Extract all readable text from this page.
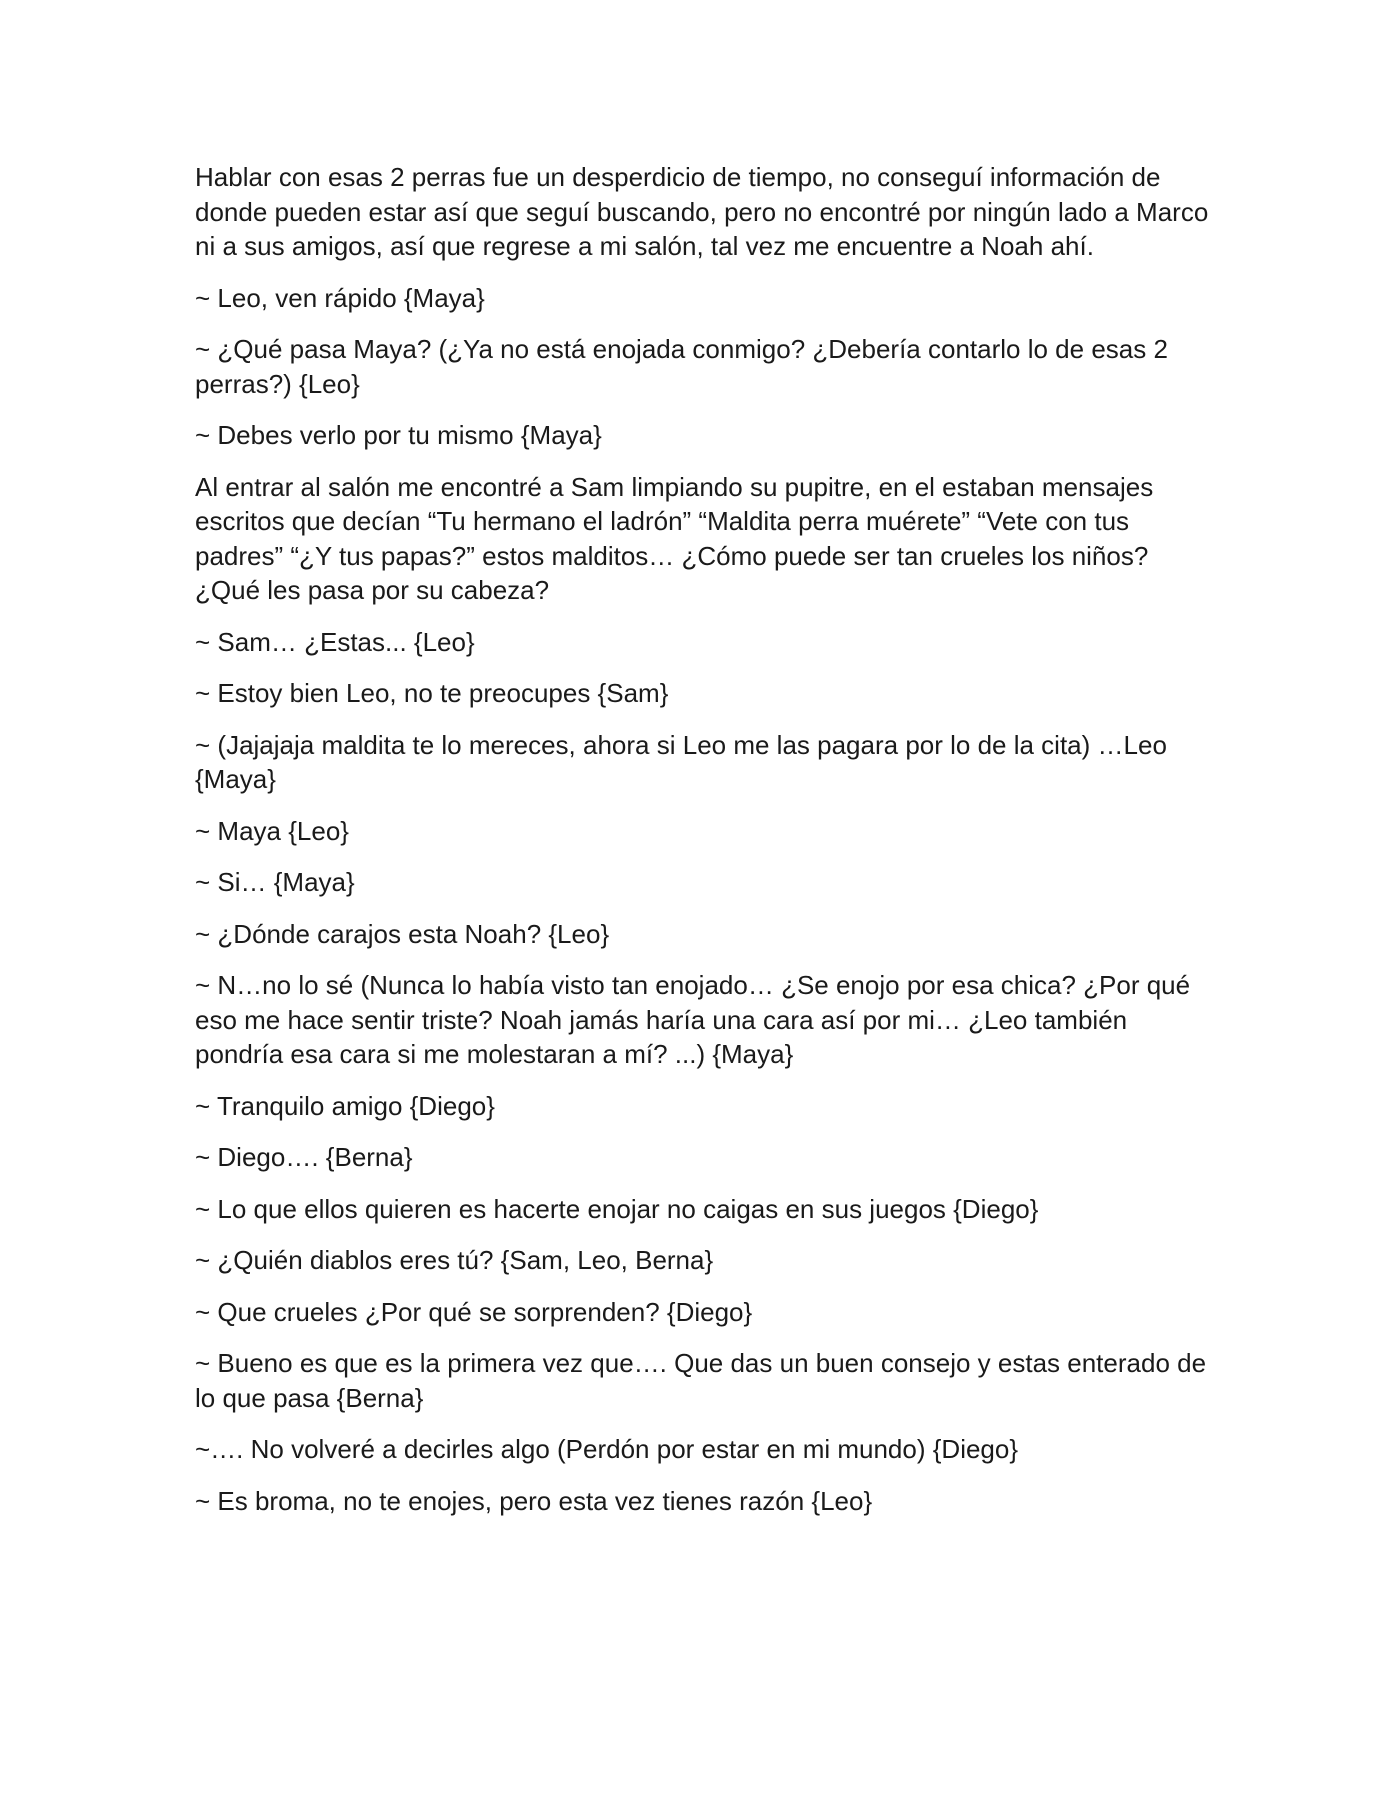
Hablar con esas 2 perras fue un desperdicio de tiempo, no conseguí información de donde pueden estar así que seguí buscando, pero no encontré por ningún lado a Marco ni a sus amigos, así que regrese a mi salón, tal vez me encuentre a Noah ahí.

~ Leo, ven rápido {Maya}

~ ¿Qué pasa Maya? (¿Ya no está enojada conmigo? ¿Debería contarlo lo de esas 2 perras?) {Leo}

~ Debes verlo por tu mismo {Maya}

Al entrar al salón me encontré a Sam limpiando su pupitre, en el estaban mensajes escritos que decían “Tu hermano el ladrón” “Maldita perra muérete” “Vete con tus padres” “¿Y tus papas?” estos malditos… ¿Cómo puede ser tan crueles los niños? ¿Qué les pasa por su cabeza?

~ Sam… ¿Estas... {Leo}

~ Estoy bien Leo, no te preocupes {Sam}

~ (Jajajaja maldita te lo mereces, ahora si Leo me las pagara por lo de la cita) …Leo {Maya}

~ Maya {Leo}

~ Si… {Maya}

~ ¿Dónde carajos esta Noah? {Leo}

~ N…no lo sé (Nunca lo había visto tan enojado… ¿Se enojo por esa chica? ¿Por qué eso me hace sentir triste? Noah jamás haría una cara así por mi… ¿Leo también pondría esa cara si me molestaran a mí? ...) {Maya}

~ Tranquilo amigo {Diego}

~ Diego…. {Berna}

~ Lo que ellos quieren es hacerte enojar no caigas en sus juegos {Diego}

~ ¿Quién diablos eres tú? {Sam, Leo, Berna}

~ Que crueles ¿Por qué se sorprenden? {Diego}

~ Bueno es que es la primera vez que…. Que das un buen consejo y estas enterado de lo que pasa {Berna}

~…. No volveré a decirles algo (Perdón por estar en mi mundo) {Diego}

~ Es broma, no te enojes, pero esta vez tienes razón {Leo}
